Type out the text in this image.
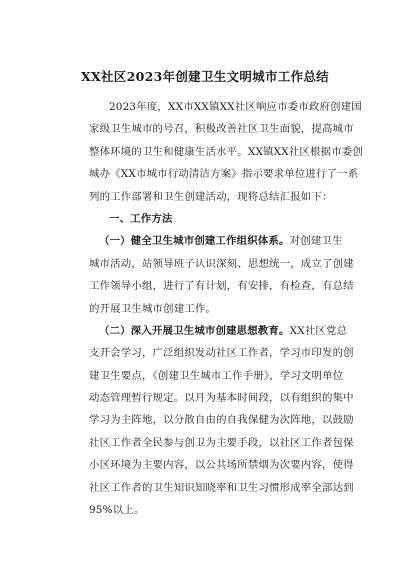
XX社区2023年创建卫生文明城市工作总结
2023年度，XX市XX镇XX社区响应市委市政府创建国
家级卫生城市的号召，积极改善社区卫生面貌，提高城市
整体环境的卫生和健康生活水平。XX镇XX社区根据市委创
城办《XX市城市行动清洁方案》指示要求单位进行了一系
列的工作部署和卫生创建活动，现将总结汇报如下：
一、工作方法
（一）健全卫生城市创建工作组织体系。对创建卫生
城市活动，站领导班子认识深刻、思想统一，成立了创建
工作领导小组，进行了有计划，有安排，有检查，有总结
的开展卫生城市创建工作。
（二）深入开展卫生城市创建思想教育。XX社区党总
支开会学习，广泛组织发动社区工作者，学习市印发的创
建卫生要点，《创建卫生城市工作手册》，学习文明单位
动态管理暂行规定。以月为基本时间段，以有组织的集中
学习为主阵地，以分散自由的自我保健为次阵地，以鼓励
社区工作者全民参与创卫为主要手段，以社区工作者包保
小区环境为主要内容，以公共场所禁烟为次要内容，使得
社区工作者的卫生知识知晓率和卫生习惯形成率全部达到
95%以上。
